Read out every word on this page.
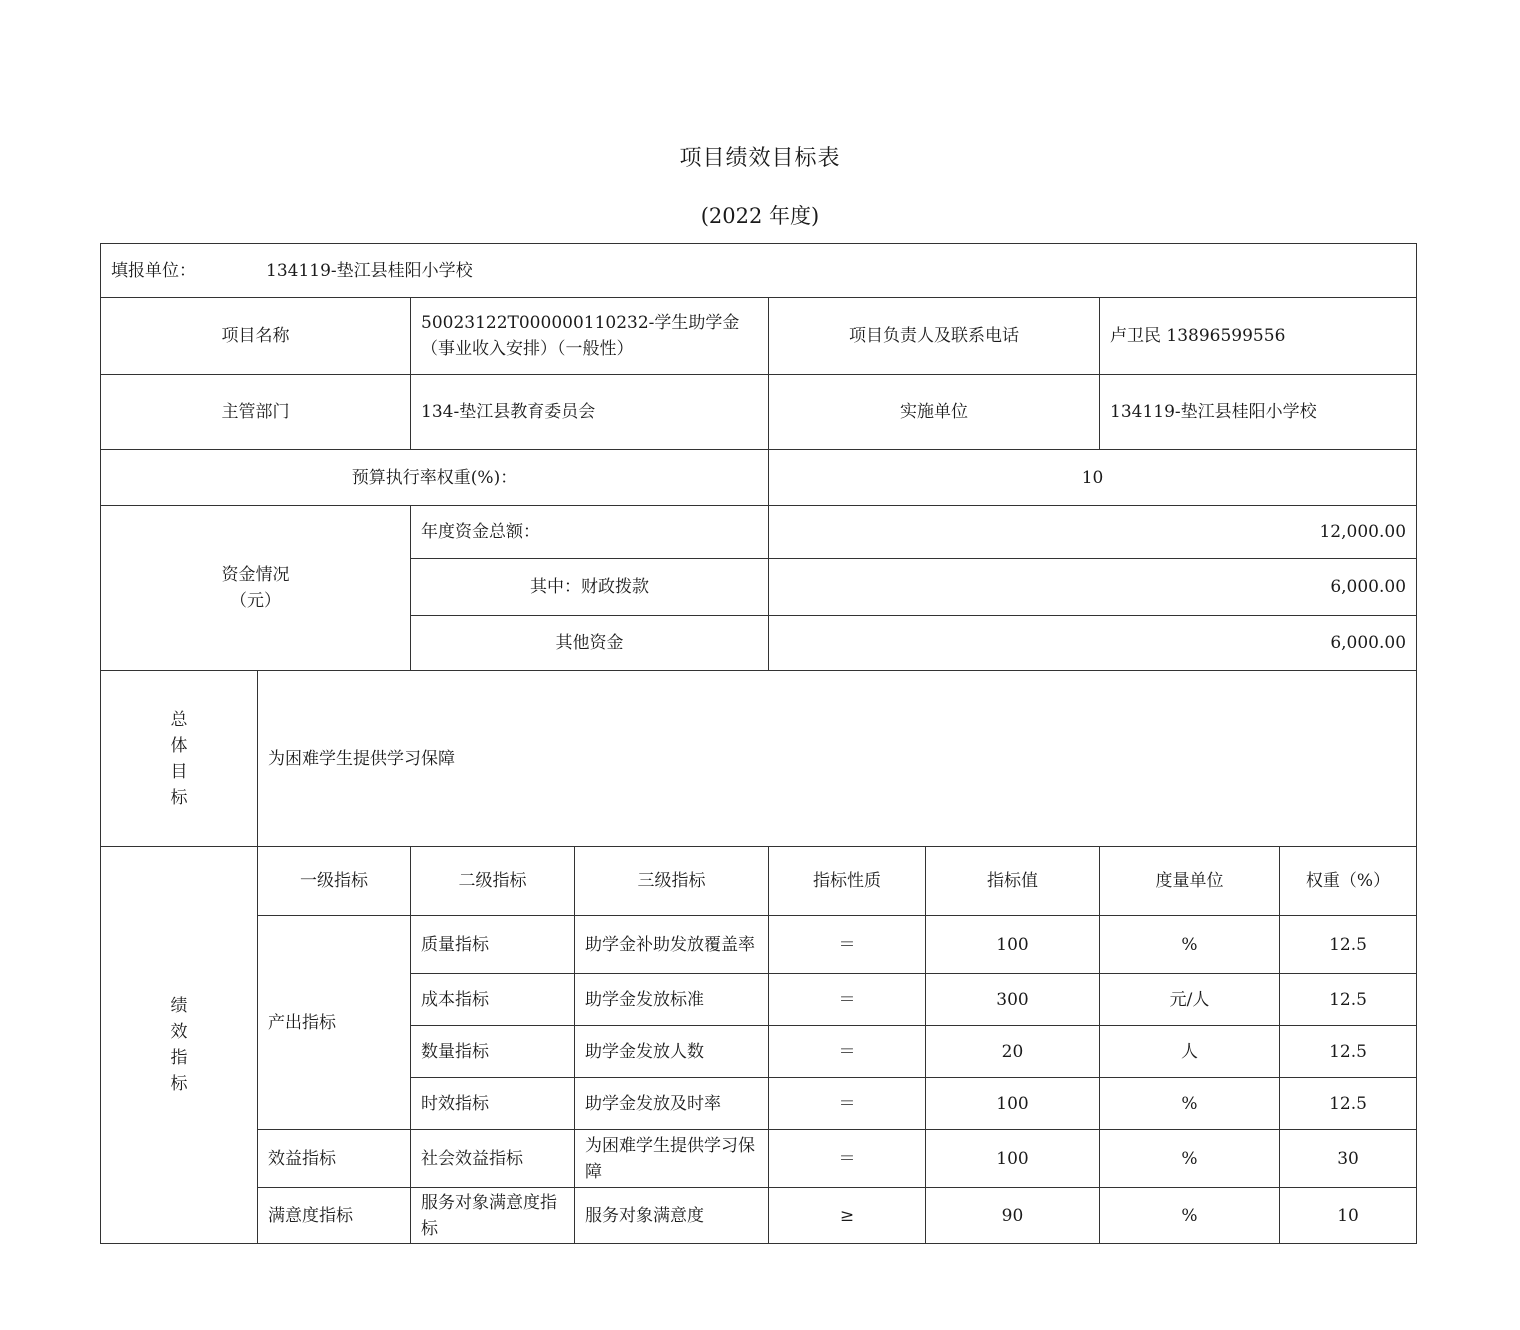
项目绩效目标表
(2022 年度)
填报单位： 134119-垫江县桂阳小学校							
项目名称		50023122T000000110232-学生助学金（事业收入安排）（一般性）		项目负责人及联系电话		卢卫民 13896599556	
主管部门		134-垫江县教育委员会		实施单位		134119-垫江县桂阳小学校	
预算执行率权重(%)：				10			

资金情况
（元）		年度资金总额：		12,000.00			
		其中：财政拨款		6,000.00			
		其他资金		6,000.00			

总
体
目
标	为困难学生提供学习保障						

绩
效
指
标	一级指标	二级指标	三级指标	指标性质	指标值	度量单位	权重（%）
	产出指标	质量指标	助学金补助发放覆盖率	＝	100	%	12.5
		成本指标	助学金发放标准	＝	300	元/人	12.5
		数量指标	助学金发放人数	＝	20	人	12.5
		时效指标	助学金发放及时率	＝	100	%	12.5
	效益指标	社会效益指标	为困难学生提供学习保障	＝	100	%	30
	满意度指标	服务对象满意度指标	服务对象满意度	≥	90	%	10
